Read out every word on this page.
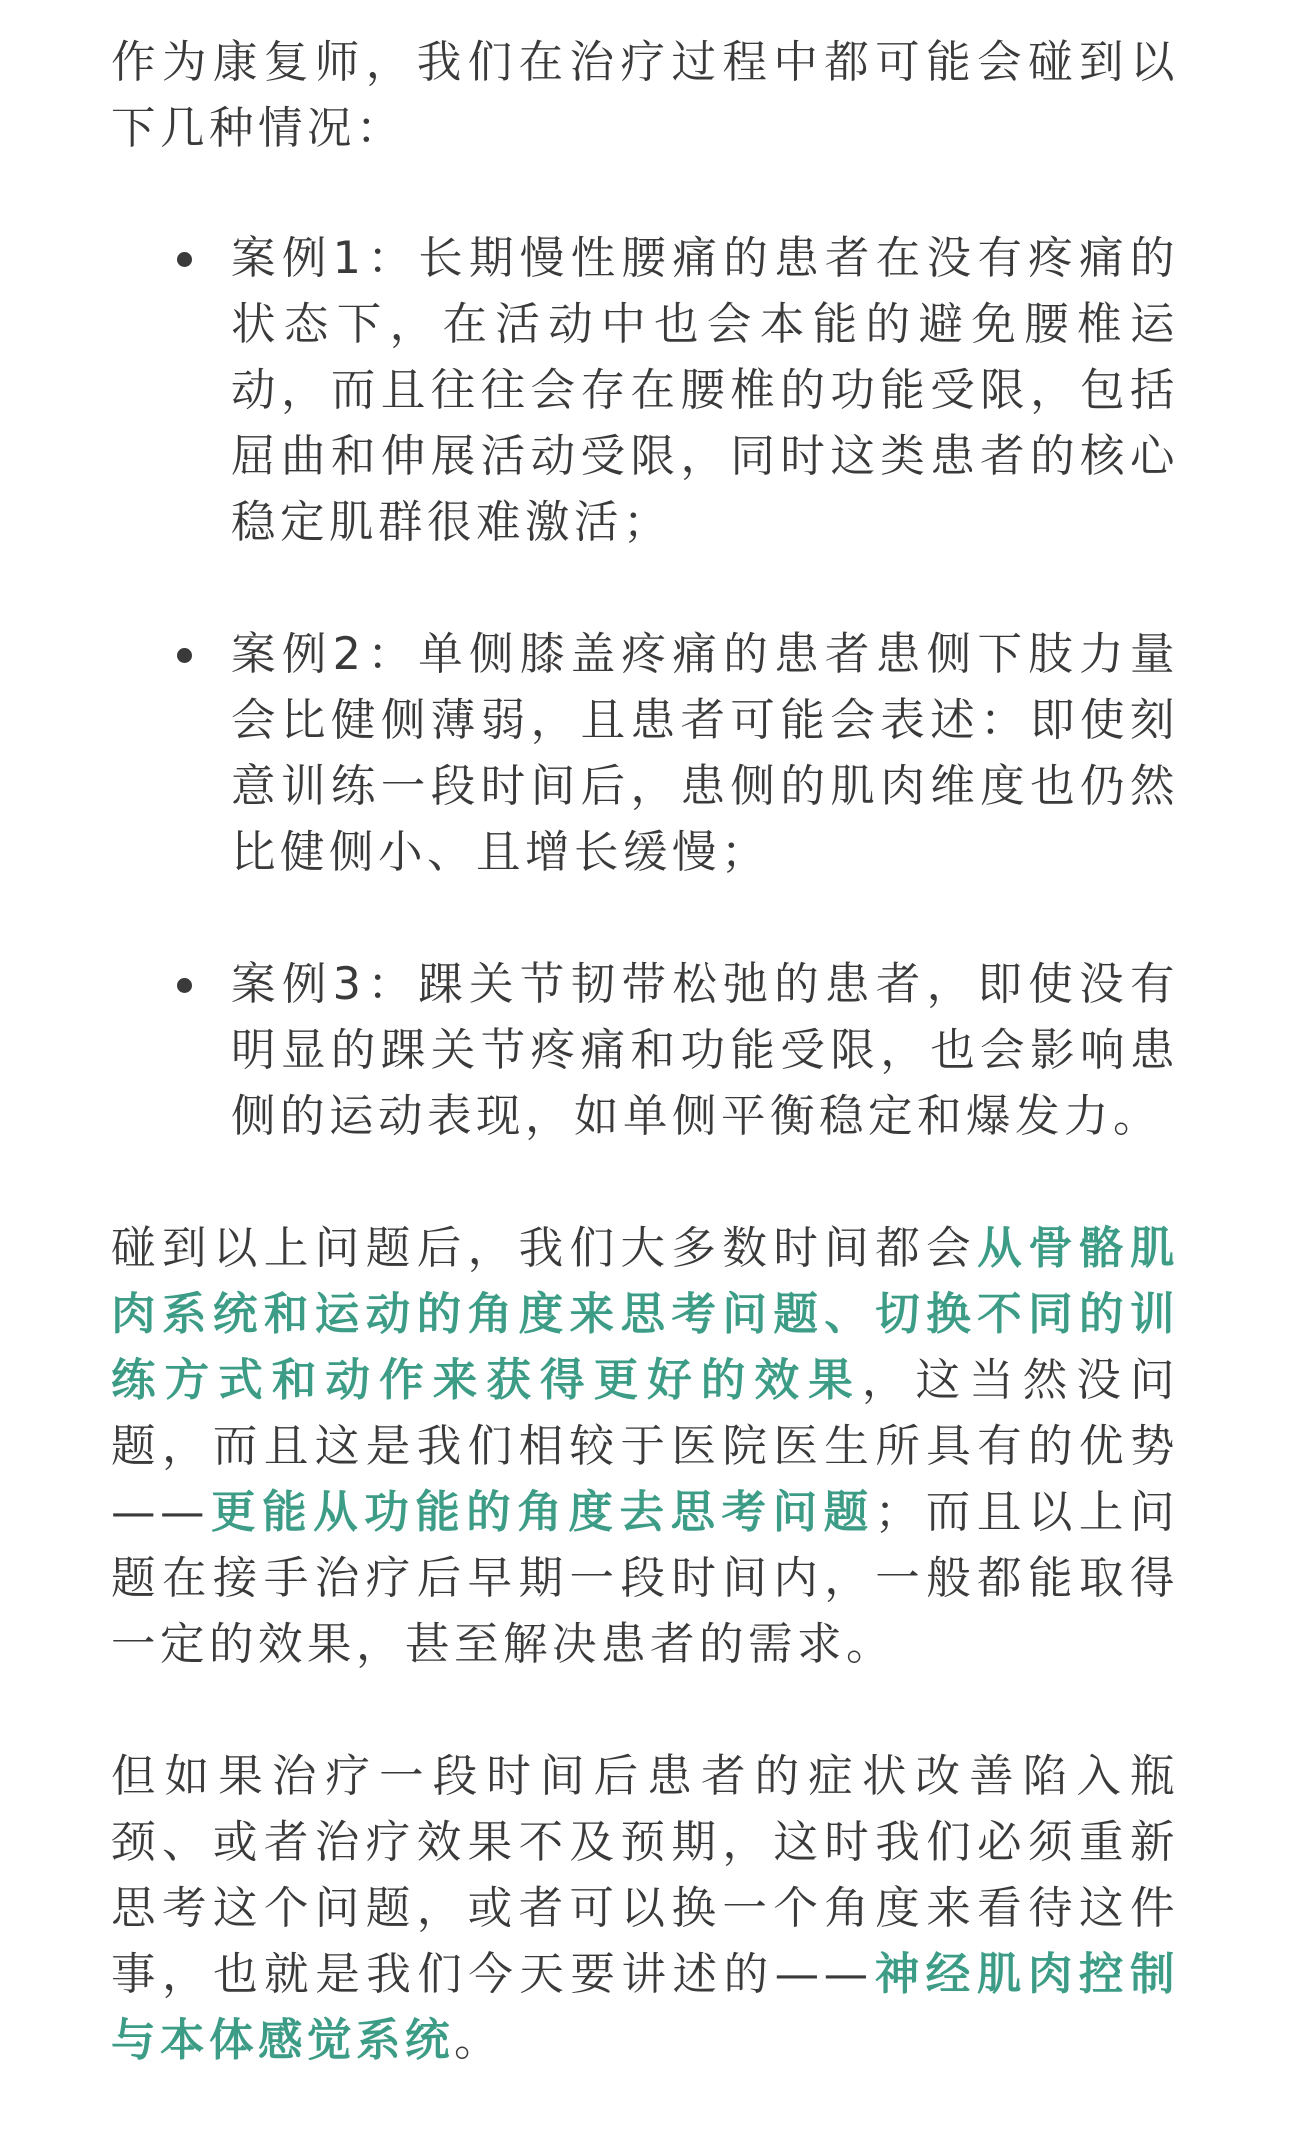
作为康复师，我们在治疗过程中都可能会碰到以下几种情况：

案例1：长期慢性腰痛的患者在没有疼痛的状态下，在活动中也会本能的避免腰椎运动，而且往往会存在腰椎的功能受限，包括屈曲和伸展活动受限，同时这类患者的核心稳定肌群很难激活；
案例2：单侧膝盖疼痛的患者患侧下肢力量会比健侧薄弱，且患者可能会表述：即使刻意训练一段时间后，患侧的肌肉维度也仍然比健侧小、且增长缓慢；
案例3：踝关节韧带松弛的患者，即使没有明显的踝关节疼痛和功能受限，也会影响患侧的运动表现，如单侧平衡稳定和爆发力。

碰到以上问题后，我们大多数时间都会从骨骼肌肉系统和运动的角度来思考问题、切换不同的训练方式和动作来获得更好的效果，这当然没问题，而且这是我们相较于医院医生所具有的优势——更能从功能的角度去思考问题；而且以上问题在接手治疗后早期一段时间内，一般都能取得一定的效果，甚至解决患者的需求。

但如果治疗一段时间后患者的症状改善陷入瓶颈、或者治疗效果不及预期，这时我们必须重新思考这个问题，或者可以换一个角度来看待这件事，也就是我们今天要讲述的——神经肌肉控制与本体感觉系统。
